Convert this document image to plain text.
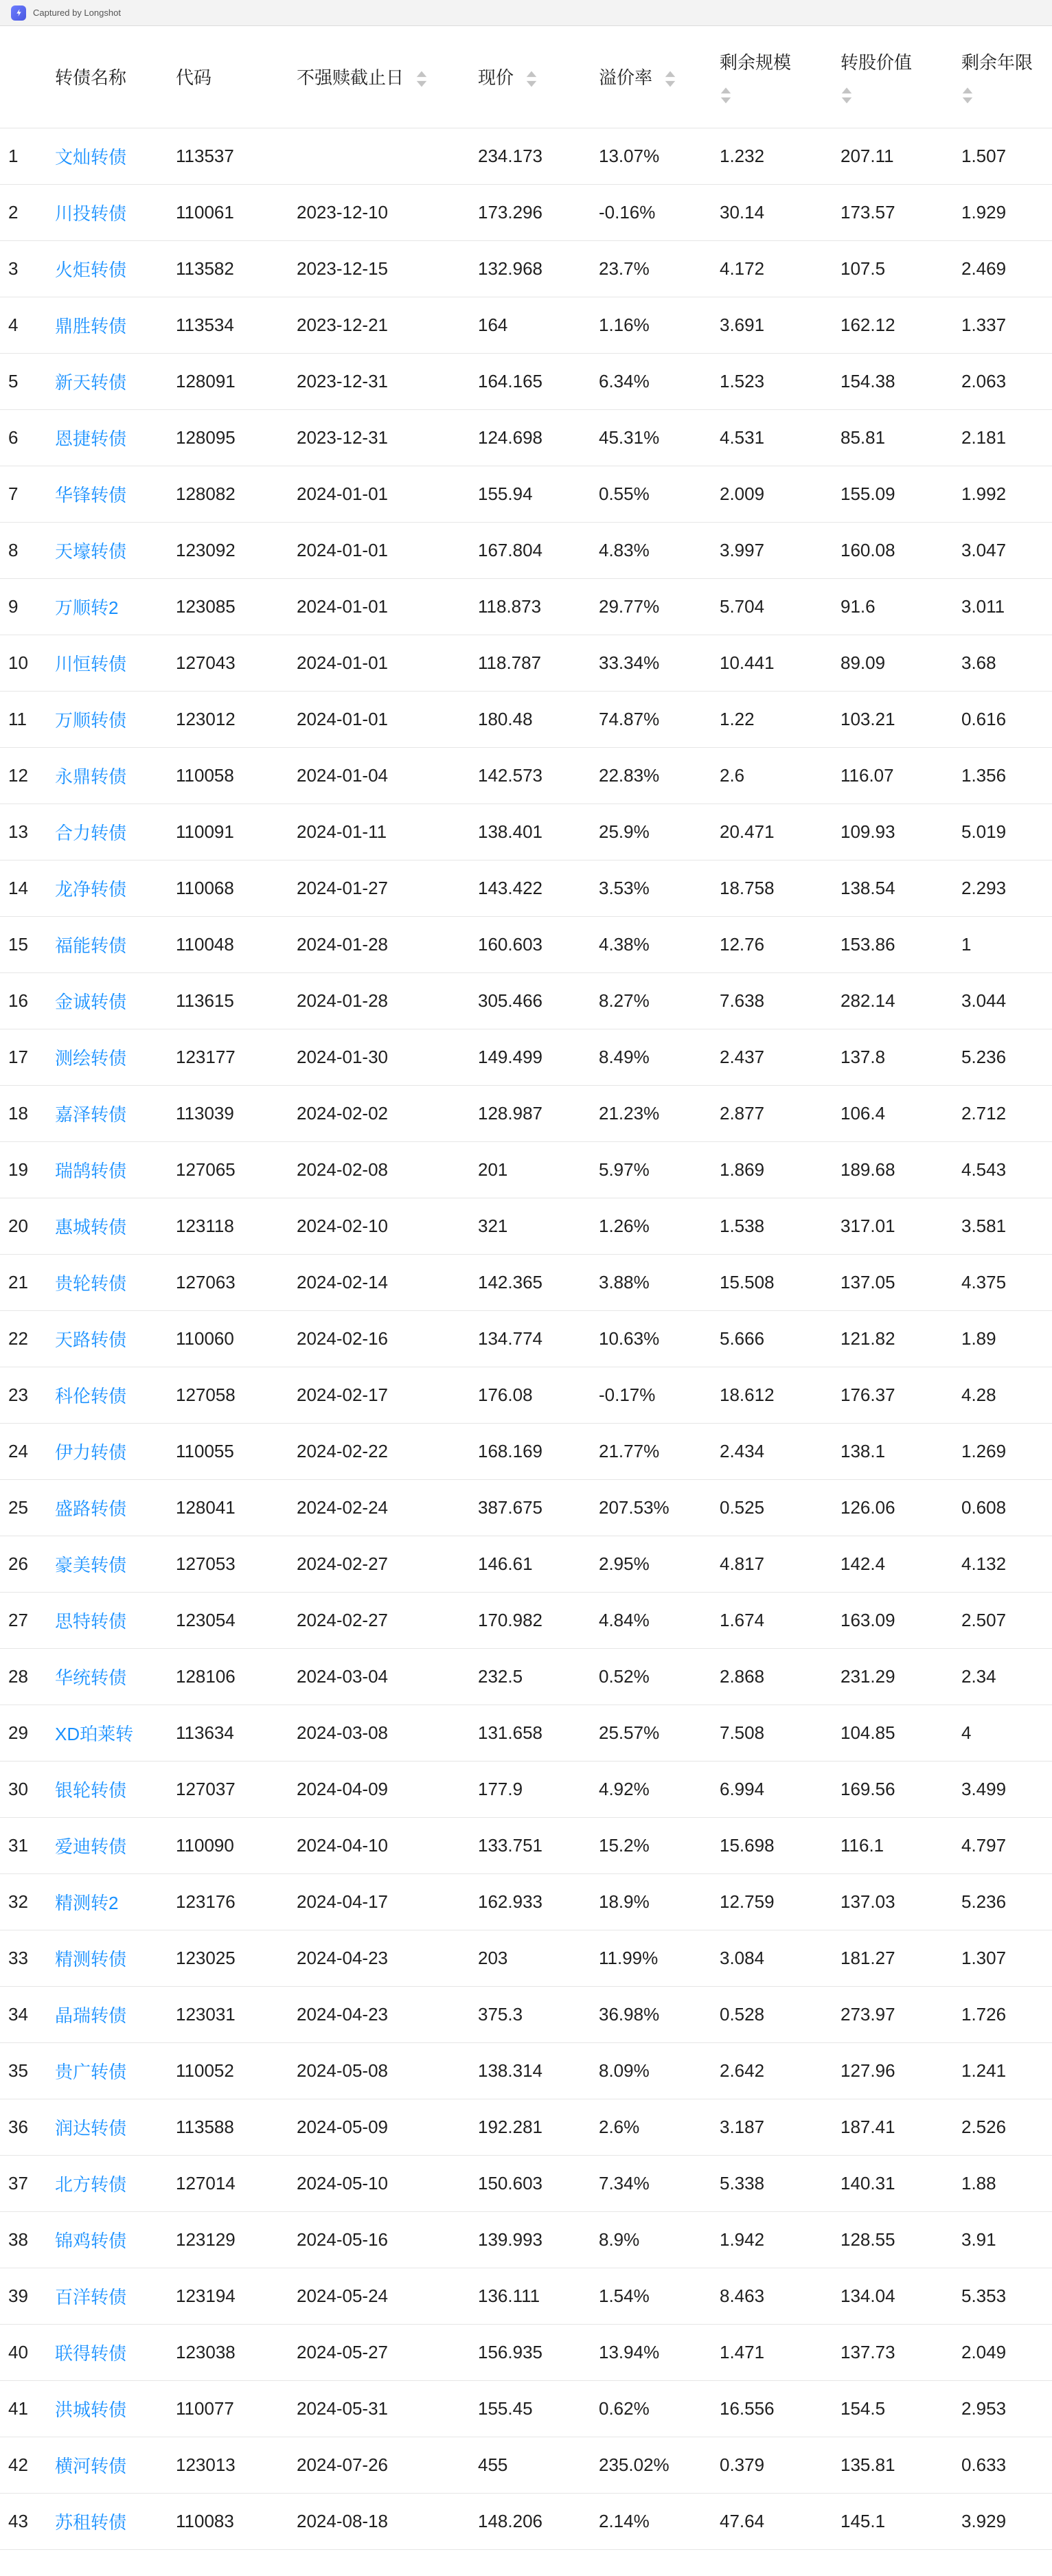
Captured by Longshot
	转债名称	代码	不强赎截止日	现价	溢价率	剩余规模	转股价值	剩余年限

1	文灿转债	113537		234.173	13.07%	1.232	207.11	1.507
2	川投转债	110061	2023-12-10	173.296	-0.16%	30.14	173.57	1.929
3	火炬转债	113582	2023-12-15	132.968	23.7%	4.172	107.5	2.469
4	鼎胜转债	113534	2023-12-21	164	1.16%	3.691	162.12	1.337
5	新天转债	128091	2023-12-31	164.165	6.34%	1.523	154.38	2.063
6	恩捷转债	128095	2023-12-31	124.698	45.31%	4.531	85.81	2.181
7	华锋转债	128082	2024-01-01	155.94	0.55%	2.009	155.09	1.992
8	天壕转债	123092	2024-01-01	167.804	4.83%	3.997	160.08	3.047
9	万顺转2	123085	2024-01-01	118.873	29.77%	5.704	91.6	3.011
10	川恒转债	127043	2024-01-01	118.787	33.34%	10.441	89.09	3.68
11	万顺转债	123012	2024-01-01	180.48	74.87%	1.22	103.21	0.616
12	永鼎转债	110058	2024-01-04	142.573	22.83%	2.6	116.07	1.356
13	合力转债	110091	2024-01-11	138.401	25.9%	20.471	109.93	5.019
14	龙净转债	110068	2024-01-27	143.422	3.53%	18.758	138.54	2.293
15	福能转债	110048	2024-01-28	160.603	4.38%	12.76	153.86	1
16	金诚转债	113615	2024-01-28	305.466	8.27%	7.638	282.14	3.044
17	测绘转债	123177	2024-01-30	149.499	8.49%	2.437	137.8	5.236
18	嘉泽转债	113039	2024-02-02	128.987	21.23%	2.877	106.4	2.712
19	瑞鹄转债	127065	2024-02-08	201	5.97%	1.869	189.68	4.543
20	惠城转债	123118	2024-02-10	321	1.26%	1.538	317.01	3.581
21	贵轮转债	127063	2024-02-14	142.365	3.88%	15.508	137.05	4.375
22	天路转债	110060	2024-02-16	134.774	10.63%	5.666	121.82	1.89
23	科伦转债	127058	2024-02-17	176.08	-0.17%	18.612	176.37	4.28
24	伊力转债	110055	2024-02-22	168.169	21.77%	2.434	138.1	1.269
25	盛路转债	128041	2024-02-24	387.675	207.53%	0.525	126.06	0.608
26	豪美转债	127053	2024-02-27	146.61	2.95%	4.817	142.4	4.132
27	思特转债	123054	2024-02-27	170.982	4.84%	1.674	163.09	2.507
28	华统转债	128106	2024-03-04	232.5	0.52%	2.868	231.29	2.34
29	XD珀莱转	113634	2024-03-08	131.658	25.57%	7.508	104.85	4
30	银轮转债	127037	2024-04-09	177.9	4.92%	6.994	169.56	3.499
31	爱迪转债	110090	2024-04-10	133.751	15.2%	15.698	116.1	4.797
32	精测转2	123176	2024-04-17	162.933	18.9%	12.759	137.03	5.236
33	精测转债	123025	2024-04-23	203	11.99%	3.084	181.27	1.307
34	晶瑞转债	123031	2024-04-23	375.3	36.98%	0.528	273.97	1.726
35	贵广转债	110052	2024-05-08	138.314	8.09%	2.642	127.96	1.241
36	润达转债	113588	2024-05-09	192.281	2.6%	3.187	187.41	2.526
37	北方转债	127014	2024-05-10	150.603	7.34%	5.338	140.31	1.88
38	锦鸡转债	123129	2024-05-16	139.993	8.9%	1.942	128.55	3.91
39	百洋转债	123194	2024-05-24	136.111	1.54%	8.463	134.04	5.353
40	联得转债	123038	2024-05-27	156.935	13.94%	1.471	137.73	2.049
41	洪城转债	110077	2024-05-31	155.45	0.62%	16.556	154.5	2.953
42	横河转债	123013	2024-07-26	455	235.02%	0.379	135.81	0.633
43	苏租转债	110083	2024-08-18	148.206	2.14%	47.64	145.1	3.929
